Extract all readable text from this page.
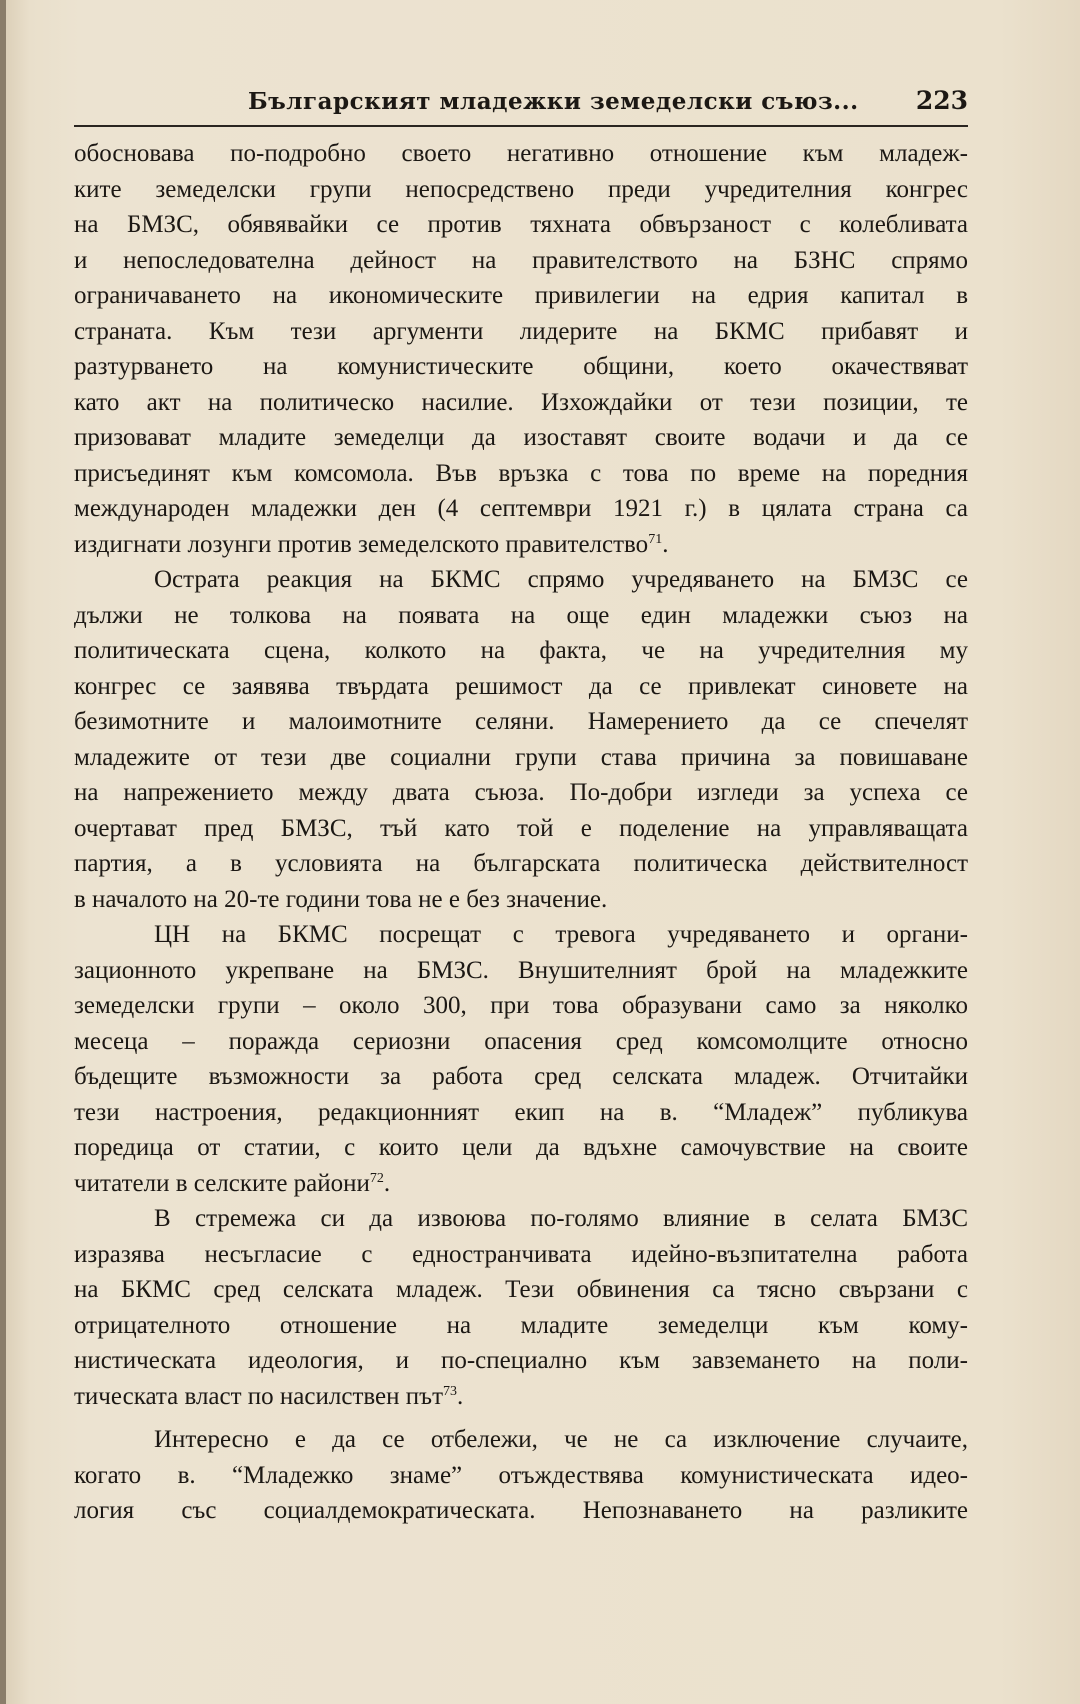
Българският младежки земеделски съюз... 223
обосновава по-подробно своето негативно отношение към младеж-
ките земеделски групи непосредствено преди учредителния конгрес
на БМЗС, обявявайки се против тяхната обвързаност с колебливата
и непоследователна дейност на правителството на БЗНС спрямо
ограничаването на икономическите привилегии на едрия капитал в
страната. Към тези аргументи лидерите на БКМС прибавят и
разтурването на комунистическите общини, което окачествяват
като акт на политическо насилие. Изхождайки от тези позиции, те
призовават младите земеделци да изоставят своите водачи и да се
присъединят към комсомола. Във връзка с това по време на поредния
международен младежки ден (4 септември 1921 г.) в цялата страна са
издигнати лозунги против земеделското правителство$^{71}$.
Острата реакция на БКМС спрямо учредяването на БМЗС се
дължи не толкова на появата на още един младежки съюз на
политическата сцена, колкото на факта, че на учредителния му
конгрес се заявява твърдата решимост да се привлекат синовете на
безимотните и малоимотните селяни. Намерението да се спечелят
младежите от тези две социални групи става причина за повишаване
на напрежението между двата съюза. По-добри изгледи за успеха се
очертават пред БМЗС, тъй като той е поделение на управляващата
партия, а в условията на българската политическа действителност
в началото на 20-те години това не е без значение.
ЦН на БКМС посрещат с тревога учредяването и органи-
зационното укрепване на БМЗС. Внушителният брой на младежките
земеделски групи – около 300, при това образувани само за няколко
месеца – поражда сериозни опасения сред комсомолците относно
бъдещите възможности за работа сред селската младеж. Отчитайки
тези настроения, редакционният екип на в. “Младеж” публикува
поредица от статии, с които цели да вдъхне самочувствие на своите
читатели в селските райони$^{72}$.
В стремежа си да извоюва по-голямо влияние в селата БМЗС
изразява несъгласие с едностранчивата идейно-възпитателна работа
на БКМС сред селската младеж. Тези обвинения са тясно свързани с
отрицателното отношение на младите земеделци към кому-
нистическата идеология, и по-специално към завземането на поли-
тическата власт по насилствен път$^{73}$.
Интересно е да се отбележи, че не са изключение случаите,
когато в. “Младежко знаме” отъждествява комунистическата идео-
логия със социалдемократическата. Непознаването на разликите
